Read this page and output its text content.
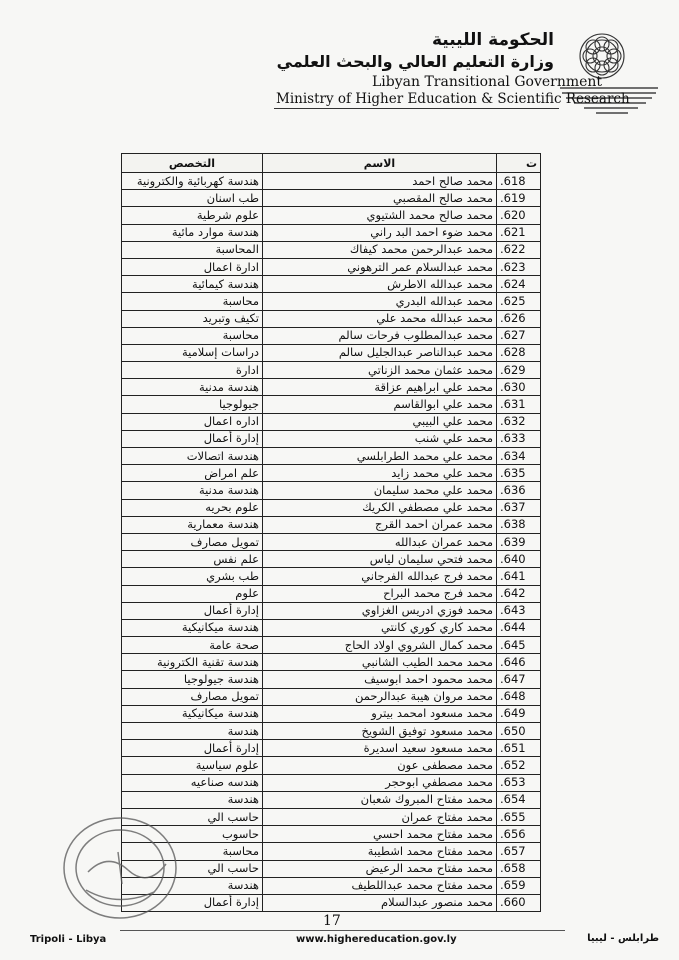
الحكومة الليبية
وزارة التعليم العالي والبحث العلمي
Libyan Transitional Government
Ministry of Higher Education & Scientific Research
ت	الاسم	التخصص
.618	محمد صالح احمد	هندسة كهربائية والكترونية
.619	محمد صالح المقصبي	طب اسنان
.620	محمد صالح محمد الشتيوي	علوم شرطية
.621	محمد ضوء احمد البد راني	هندسة موارد مائية
.622	محمد عبدالرحمن محمد كيفاك	المحاسبة
.623	محمد عبدالسلام عمر الترهوني	ادارة اعمال
.624	محمد عبدالله الاطرش	هندسة كيمائية
.625	محمد عبدالله البدري	محاسبة
.626	محمد عبدالله محمد علي	تكيف وتبريد
.627	محمد عبدالمطلوب فرحات سالم	محاسبة
.628	محمد عبدالناصر عبدالجليل سالم	دراسات إسلامية
.629	محمد عثمان محمد الزناتي	ادارة
.630	محمد علي ابراهيم عزاقة	هندسة مدنية
.631	محمد علي ابوالقاسم	جيولوجيا
.632	محمد علي البيبي	اداره اعمال
.633	محمد علي شنب	إدارة أعمال
.634	محمد علي محمد الطرابلسي	هندسة اتصالات
.635	محمد علي محمد زايد	علم امراض
.636	محمد علي محمد سليمان	هندسة مدنية
.637	محمد علي مصطفي الكريك	علوم بحريه
.638	محمد عمران احمد القرج	هندسة معمارية
.639	محمد عمران عبدالله	تمويل مصارف
.640	محمد فتحي سليمان لياس	علم نفس
.641	محمد فرج عبدالله الفرجاني	طب بشري
.642	محمد فرج محمد البراح	علوم
.643	محمد فوزي ادريس الغزاوي	إدارة أعمال
.644	محمد كاري كوري كانتي	هندسة ميكانيكية
.645	محمد كمال الشروي اولاد الحاج	صحة عامة
.646	محمد محمد الطيب الشانبي	هندسة تقنية الكترونية
.647	محمد محمود احمد ابوسيف	هندسة جيولوجيا
.648	محمد مروان هيبة عبدالرحمن	تمويل مصارف
.649	محمد مسعود امحمد بيترو	هندسة ميكانيكية
.650	محمد مسعود توفيق الشويخ	هندسة
.651	محمد مسعود سعيد اسديرة	إدارة أعمال
.652	محمد مصطفى عون	علوم سياسية
.653	محمد مصطفي ابوحجر	هندسه صناعيه
.654	محمد مفتاح المبروك شعبان	هندسة
.655	محمد مفتاح عمران	حاسب الي
.656	محمد مفتاح محمد احسي	حاسوب
.657	محمد مفتاح محمد اشطيبة	محاسبة
.658	محمد مفتاح محمد الرعيض	حاسب الي
.659	محمد مفتاح محمد عبداللطيف	هندسة
.660	محمد منصور عبدالسلام	إدارة أعمال
17
Tripoli - Libya	www.highereducation.gov.ly	طرابلس - ليبيا
